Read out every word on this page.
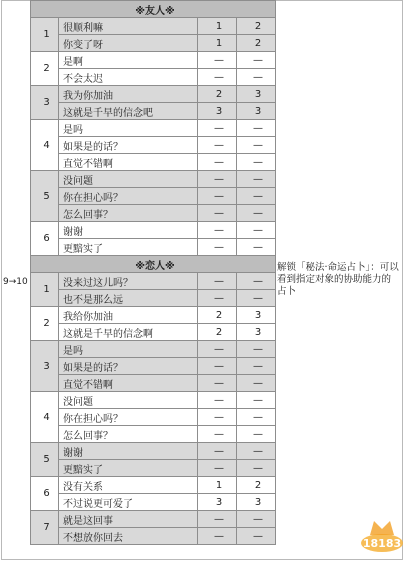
※友人※			
1	很顺利嘛	1	2
	你变了呀	1	2
2	是啊	—	—
	不会太迟	—	—
3	我为你加油	2	3
	这就是千早的信念吧	3	3
4	是吗	—	—
	如果是的话？	—	—
	直觉不错啊	—	—
5	没问题	—	—
	你在担心吗？	—	—
	怎么回事？	—	—
6	谢谢	—	—
	更黯实了	—	—
※恋人※			
1	没来过这儿吗？	—	—
	也不是那么远	—	—
2	我给你加油	2	3
	这就是千早的信念啊	2	3
3	是吗	—	—
	如果是的话？	—	—
	直觉不错啊	—	—
4	没问题	—	—
	你在担心吗？	—	—
	怎么回事？	—	—
5	谢谢	—	—
	更黯实了	—	—
6	没有关系	1	2
	不过说更可爱了	3	3
7	就是这回事	—	—
	不想放你回去	—	—
9→10
解锁「秘法·命运占卜」：可以看到指定对象的协助能力的占卜
18183
